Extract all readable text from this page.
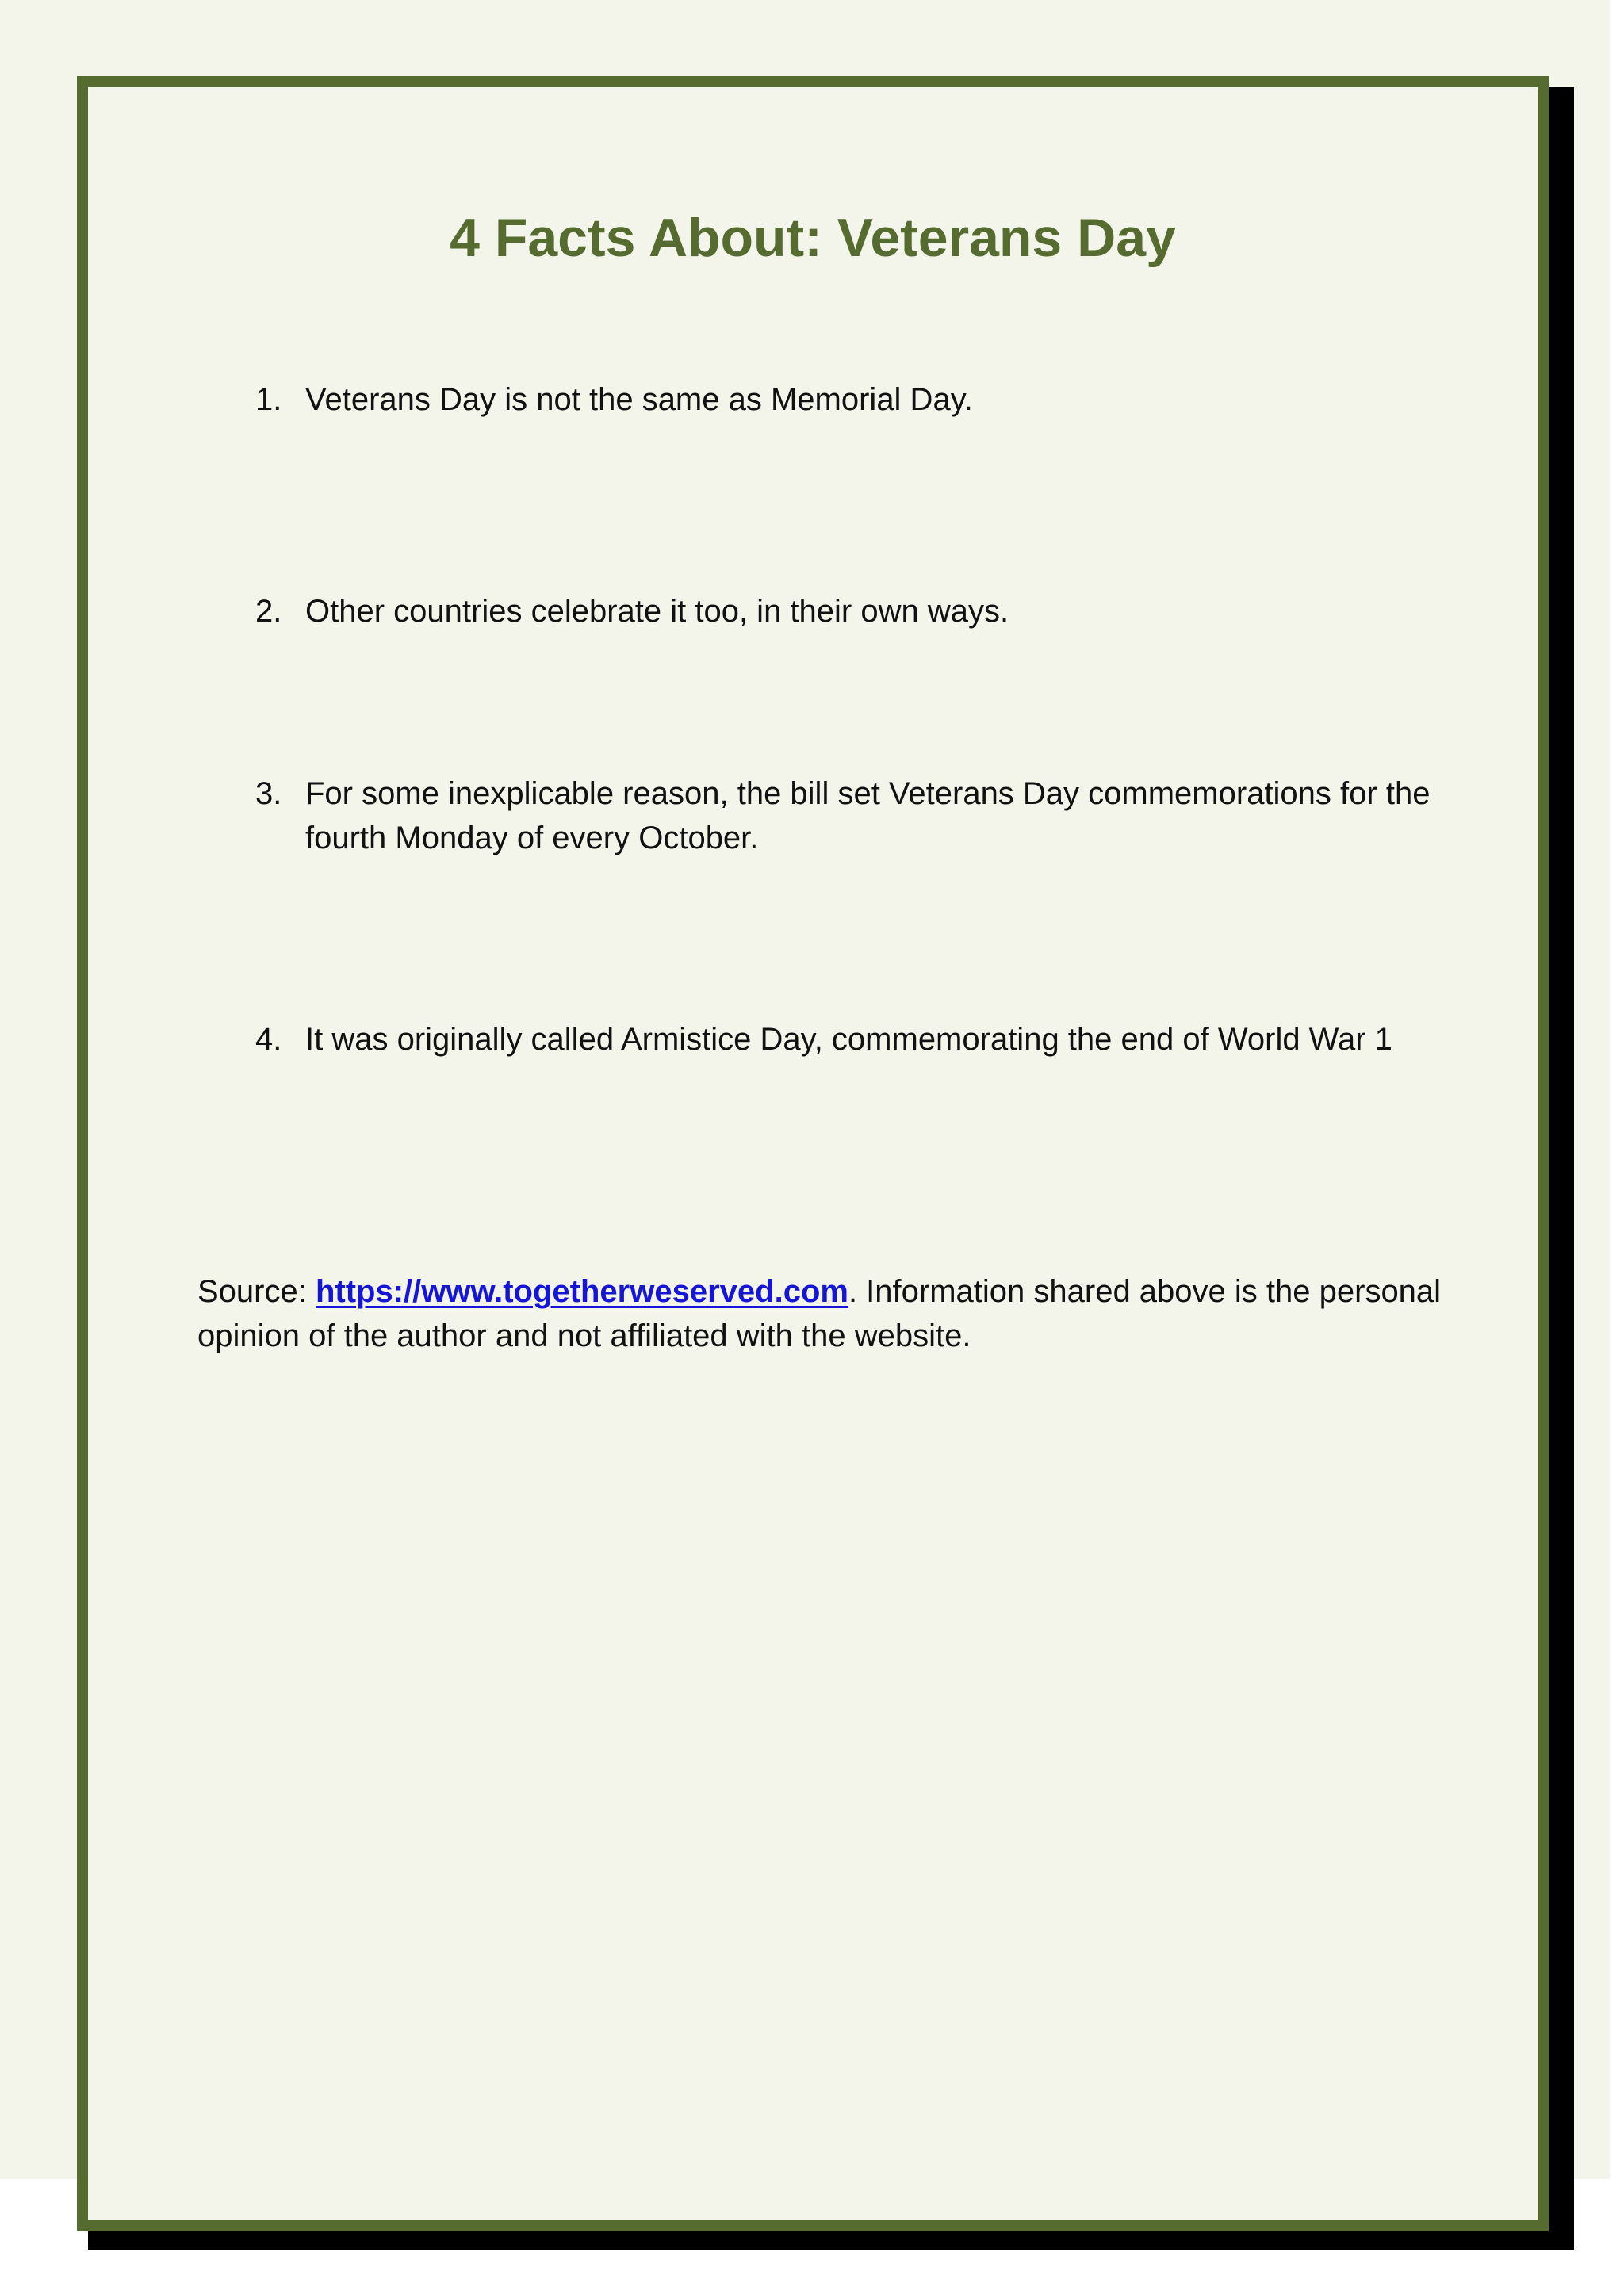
4 Facts About: Veterans Day
1. Veterans Day is not the same as Memorial Day.
2. Other countries celebrate it too, in their own ways.
3. For some inexplicable reason, the bill set Veterans Day commemorations for the fourth Monday of every October.
4. It was originally called Armistice Day, commemorating the end of World War 1

Source: https://www.togetherweserved.com. Information shared above is the personal opinion of the author and not affiliated with the website.
